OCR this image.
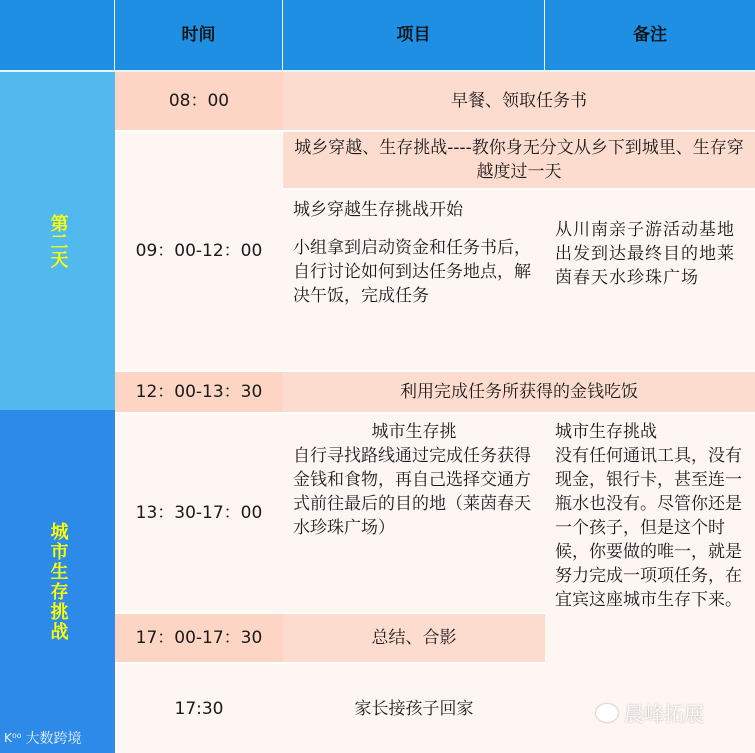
时间	项目	备注
第二天
城市生存挑战
08：00
09：00-12：00
12：00-13：30
13：30-17：00
17：00-17：30
17:30
早餐、领取任务书
城乡穿越、生存挑战----教你身无分文从乡下到城里、生存穿越度过一天
城乡穿越生存挑战开始
小组拿到启动资金和任务书后，自行讨论如何到达任务地点，解决午饭，完成任务
从川南亲子游活动基地出发到达最终目的地莱茵春天水珍珠广场
利用完成任务所获得的金钱吃饭
城市生存挑
自行寻找路线通过完成任务获得金钱和食物，再自己选择交通方式前往最后的目的地（莱茵春天水珍珠广场）
城市生存挑战
没有任何通讯工具，没有现金，银行卡，甚至连一瓶水也没有。尽管你还是一个孩子，但是这个时候，你要做的唯一，就是努力完成一项项任务，在宜宾这座城市生存下来。
总结、合影
家长接孩子回家
K⁰⁰ 大数跨境
晨峰拓展
